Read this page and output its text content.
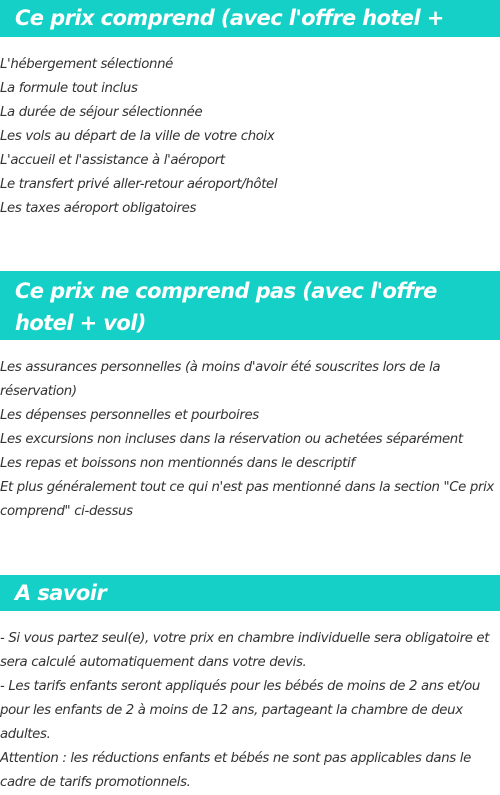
Ce prix comprend (avec l'offre hotel + vol)
L'hébergement sélectionné
La formule tout inclus
La durée de séjour sélectionnée
Les vols au départ de la ville de votre choix
L'accueil et l'assistance à l'aéroport
Le transfert privé aller-retour aéroport/hôtel
Les taxes aéroport obligatoires
Ce prix ne comprend pas (avec l'offre hotel + vol)
Les assurances personnelles (à moins d'avoir été souscrites lors de la réservation)
Les dépenses personnelles et pourboires
Les excursions non incluses dans la réservation ou achetées séparément
Les repas et boissons non mentionnés dans le descriptif
Et plus généralement tout ce qui n'est pas mentionné dans la section "Ce prix comprend" ci-dessus
A savoir
- Si vous partez seul(e), votre prix en chambre individuelle sera obligatoire et sera calculé automatiquement dans votre devis.
- Les tarifs enfants seront appliqués pour les bébés de moins de 2 ans et/ou pour les enfants de 2 à moins de 12 ans, partageant la chambre de deux adultes.
Attention : les réductions enfants et bébés ne sont pas applicables dans le cadre de tarifs promotionnels.
